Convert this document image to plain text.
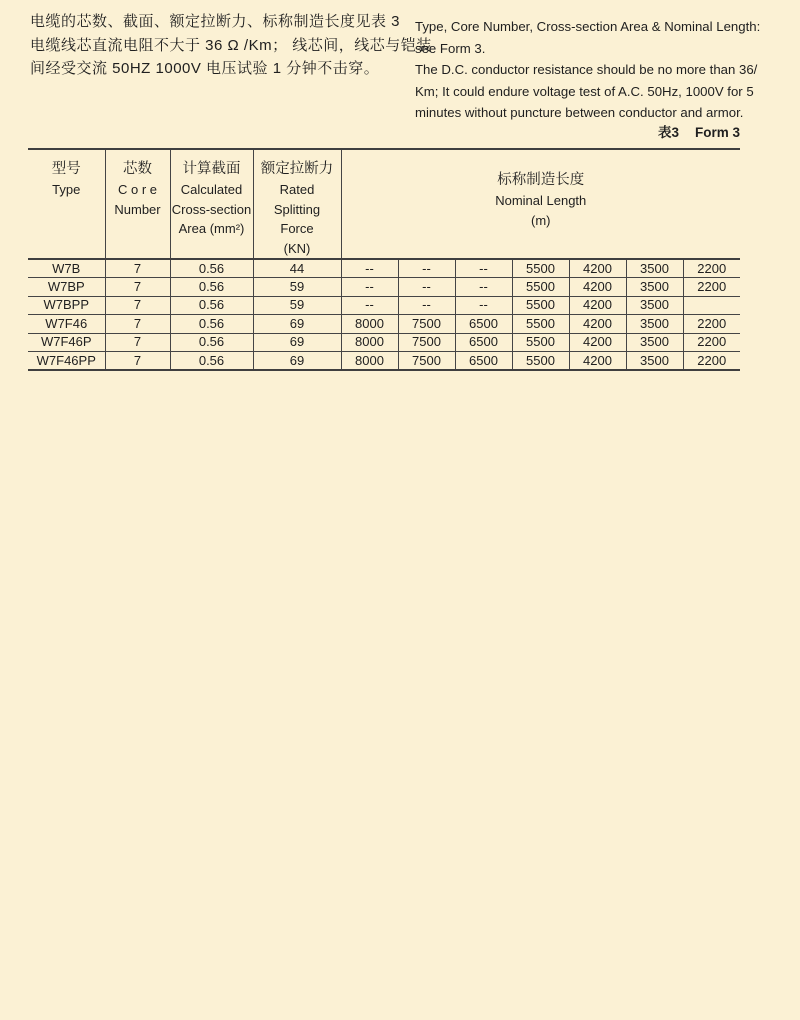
电缆的芯数、截面、额定拉断力、标称制造长度见表 3
电缆线芯直流电阻不大于 36 Ω /Km； 线芯间，线芯与铠装
间经受交流 50HZ 1000V 电压试验 1 分钟不击穿。

Type, Core Number, Cross-section Area & Nominal Length: see Form 3.

The D.C. conductor resistance should be no more than 36/ Km; It could endure voltage test of A.C. 50Hz, 1000V for 5 minutes without puncture between conductor and armor.

表3 Form 3
型号
Type

芯数
C o r e
Number

计算截面
Calculated
Cross-section
Area (mm²)

额定拉断力
Rated
Splitting
Force
(KN)

标称制造长度
Nominal Length
(m)

W7B	7	0.56	44	--	--	--	5500	4200	3500	2200
W7BP	7	0.56	59	--	--	--	5500	4200	3500	2200
W7BPP	7	0.56	59	--	--	--	5500	4200	3500	
W7F46	7	0.56	69	8000	7500	6500	5500	4200	3500	2200
W7F46P	7	0.56	69	8000	7500	6500	5500	4200	3500	2200
W7F46PP	7	0.56	69	8000	7500	6500	5500	4200	3500	2200
